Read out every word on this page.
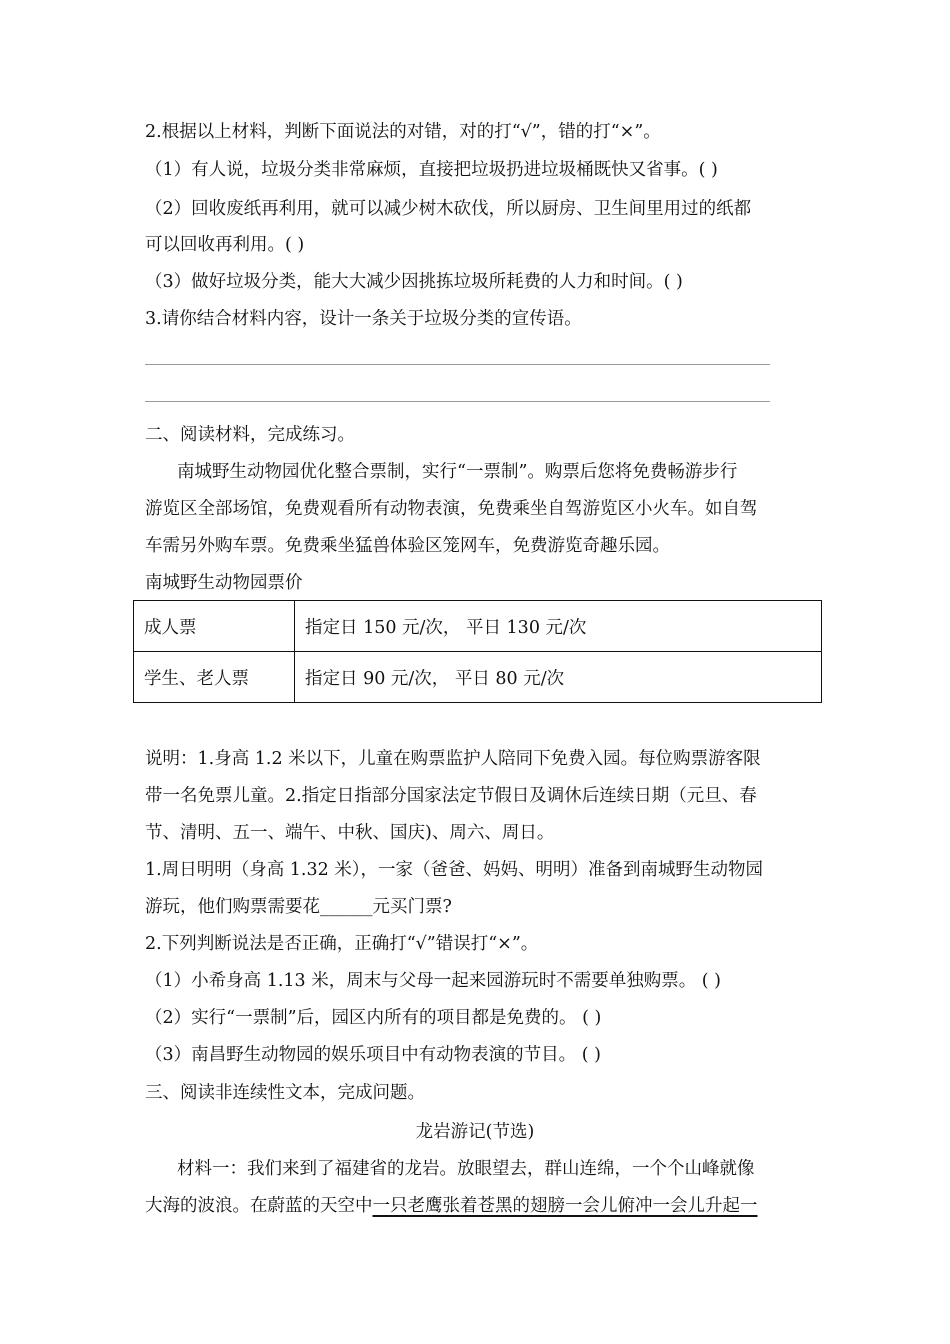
2.根据以上材料，判断下面说法的对错，对的打“√”，错的打“×”。
（1）有人说，垃圾分类非常麻烦，直接把垃圾扔进垃圾桶既快又省事。( )
（2）回收废纸再利用，就可以减少树木砍伐，所以厨房、卫生间里用过的纸都
可以回收再利用。( )
（3）做好垃圾分类，能大大减少因挑拣垃圾所耗费的人力和时间。( )
3.请你结合材料内容，设计一条关于垃圾分类的宣传语。
二、阅读材料，完成练习。
南城野生动物园优化整合票制，实行“一票制”。购票后您将免费畅游步行
游览区全部场馆，免费观看所有动物表演，免费乘坐自驾游览区小火车。如自驾
车需另外购车票。免费乘坐猛兽体验区笼网车，免费游览奇趣乐园。
南城野生动物园票价
成人票	指定日 150 元/次， 平日 130 元/次
学生、老人票	指定日 90 元/次， 平日 80 元/次
说明：1.身高 1.2 米以下，儿童在购票监护人陪同下免费入园。每位购票游客限
带一名免票儿童。2.指定日指部分国家法定节假日及调休后连续日期（元旦、春
节、清明、五一、端午、中秋、国庆)、周六、周日。
1.周日明明（身高 1.32 米），一家（爸爸、妈妈、明明）准备到南城野生动物园
游玩，他们购票需要花______元买门票?
2.下列判断说法是否正确，正确打“√”错误打“×”。
（1）小希身高 1.13 米，周末与父母一起来园游玩时不需要单独购票。 ( )
（2）实行“一票制”后，园区内所有的项目都是免费的。 ( )
（3）南昌野生动物园的娱乐项目中有动物表演的节目。 ( )
三、阅读非连续性文本，完成问题。
龙岩游记(节选)
材料一：我们来到了福建省的龙岩。放眼望去，群山连绵，一个个山峰就像
大海的波浪。在蔚蓝的天空中一只老鹰张着苍黑的翅膀一会儿俯冲一会儿升起一
